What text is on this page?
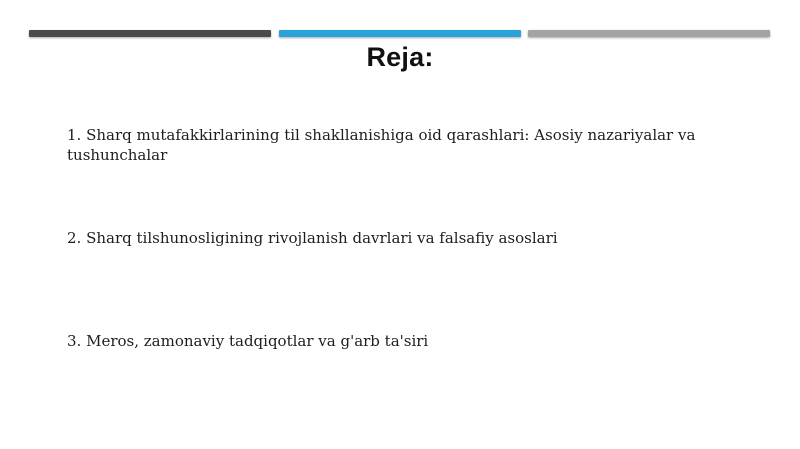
Reja:
1. Sharq mutafakkirlarining til shakllanishiga oid qarashlari: Asosiy nazariyalar va tushunchalar
2. Sharq tilshunosligining rivojlanish davrlari va falsafiy asoslari
3. Meros, zamonaviy tadqiqotlar va g'arb ta'siri
